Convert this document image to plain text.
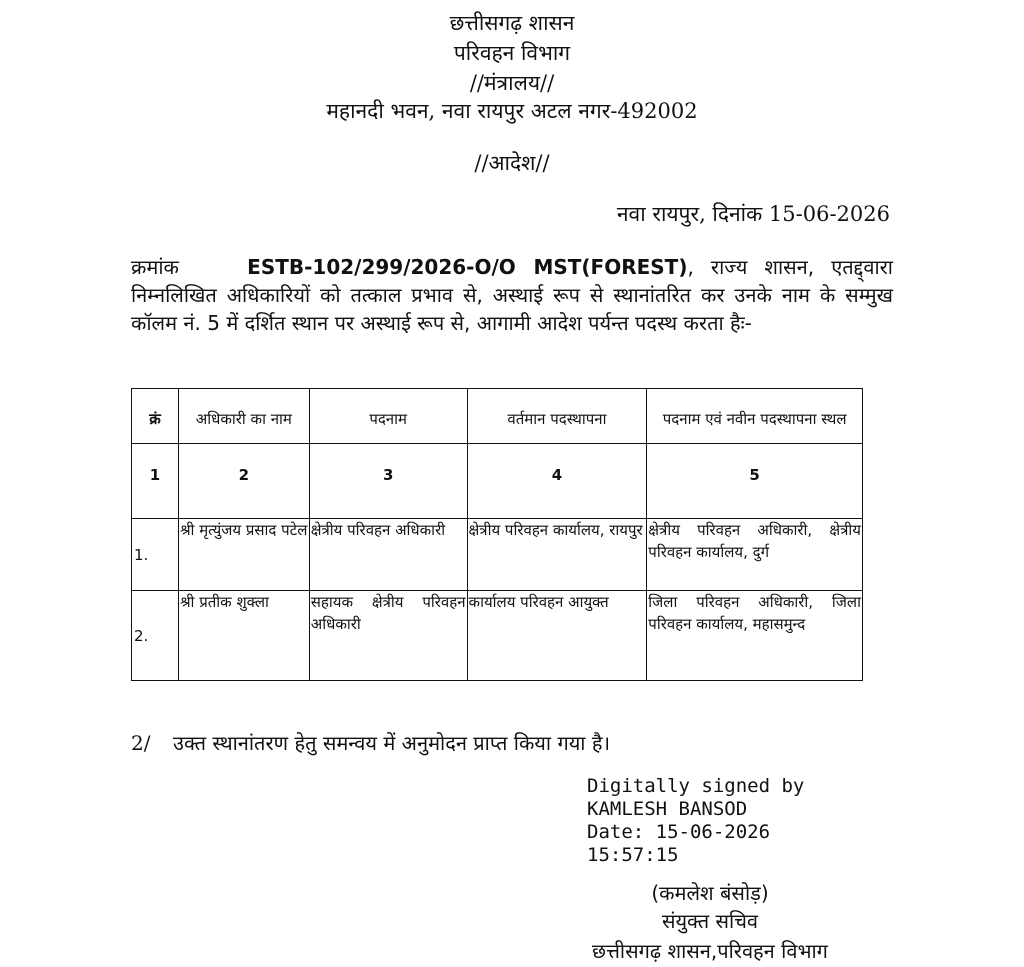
छत्तीसगढ़ शासन
परिवहन विभाग
//मंत्रालय//
महानदी भवन, नवा रायपुर अटल नगर-492002
//आदेश//
नवा रायपुर, दिनांक 15-06-2026
क्रमांक	ESTB-102/299/2026-O/O MST(FOREST), राज्य शासन, एतद्द्वारा निम्नलिखित अधिकारियों को तत्काल प्रभाव से, अस्थाई रूप से स्थानांतरित कर उनके नाम के सम्मुख कॉलम नं. 5 में दर्शित स्थान पर अस्थाई रूप से, आगामी आदेश पर्यन्त पदस्थ करता हैः-
क्रं	अधिकारी का नाम	पदनाम	वर्तमान पदस्थापना	पदनाम एवं नवीन पदस्थापना स्थल
1	2	3	4	5
1.	श्री मृत्युंजय प्रसाद पटेल	क्षेत्रीय परिवहन अधिकारी	क्षेत्रीय परिवहन कार्यालय, रायपुर	क्षेत्रीय परिवहन अधिकारी, क्षेत्रीय परिवहन कार्यालय, दुर्ग
2.	श्री प्रतीक शुक्ला	सहायक क्षेत्रीय परिवहन अधिकारी	कार्यालय परिवहन आयुक्त	जिला परिवहन अधिकारी, जिला परिवहन कार्यालय, महासमुन्द
2/ उक्त स्थानांतरण हेतु समन्वय में अनुमोदन प्राप्त किया गया है।
Digitally signed by
KAMLESH BANSOD
Date: 15-06-2026
15:57:15
(कमलेश बंसोड़)
संयुक्त सचिव
छत्तीसगढ़ शासन,परिवहन विभाग
